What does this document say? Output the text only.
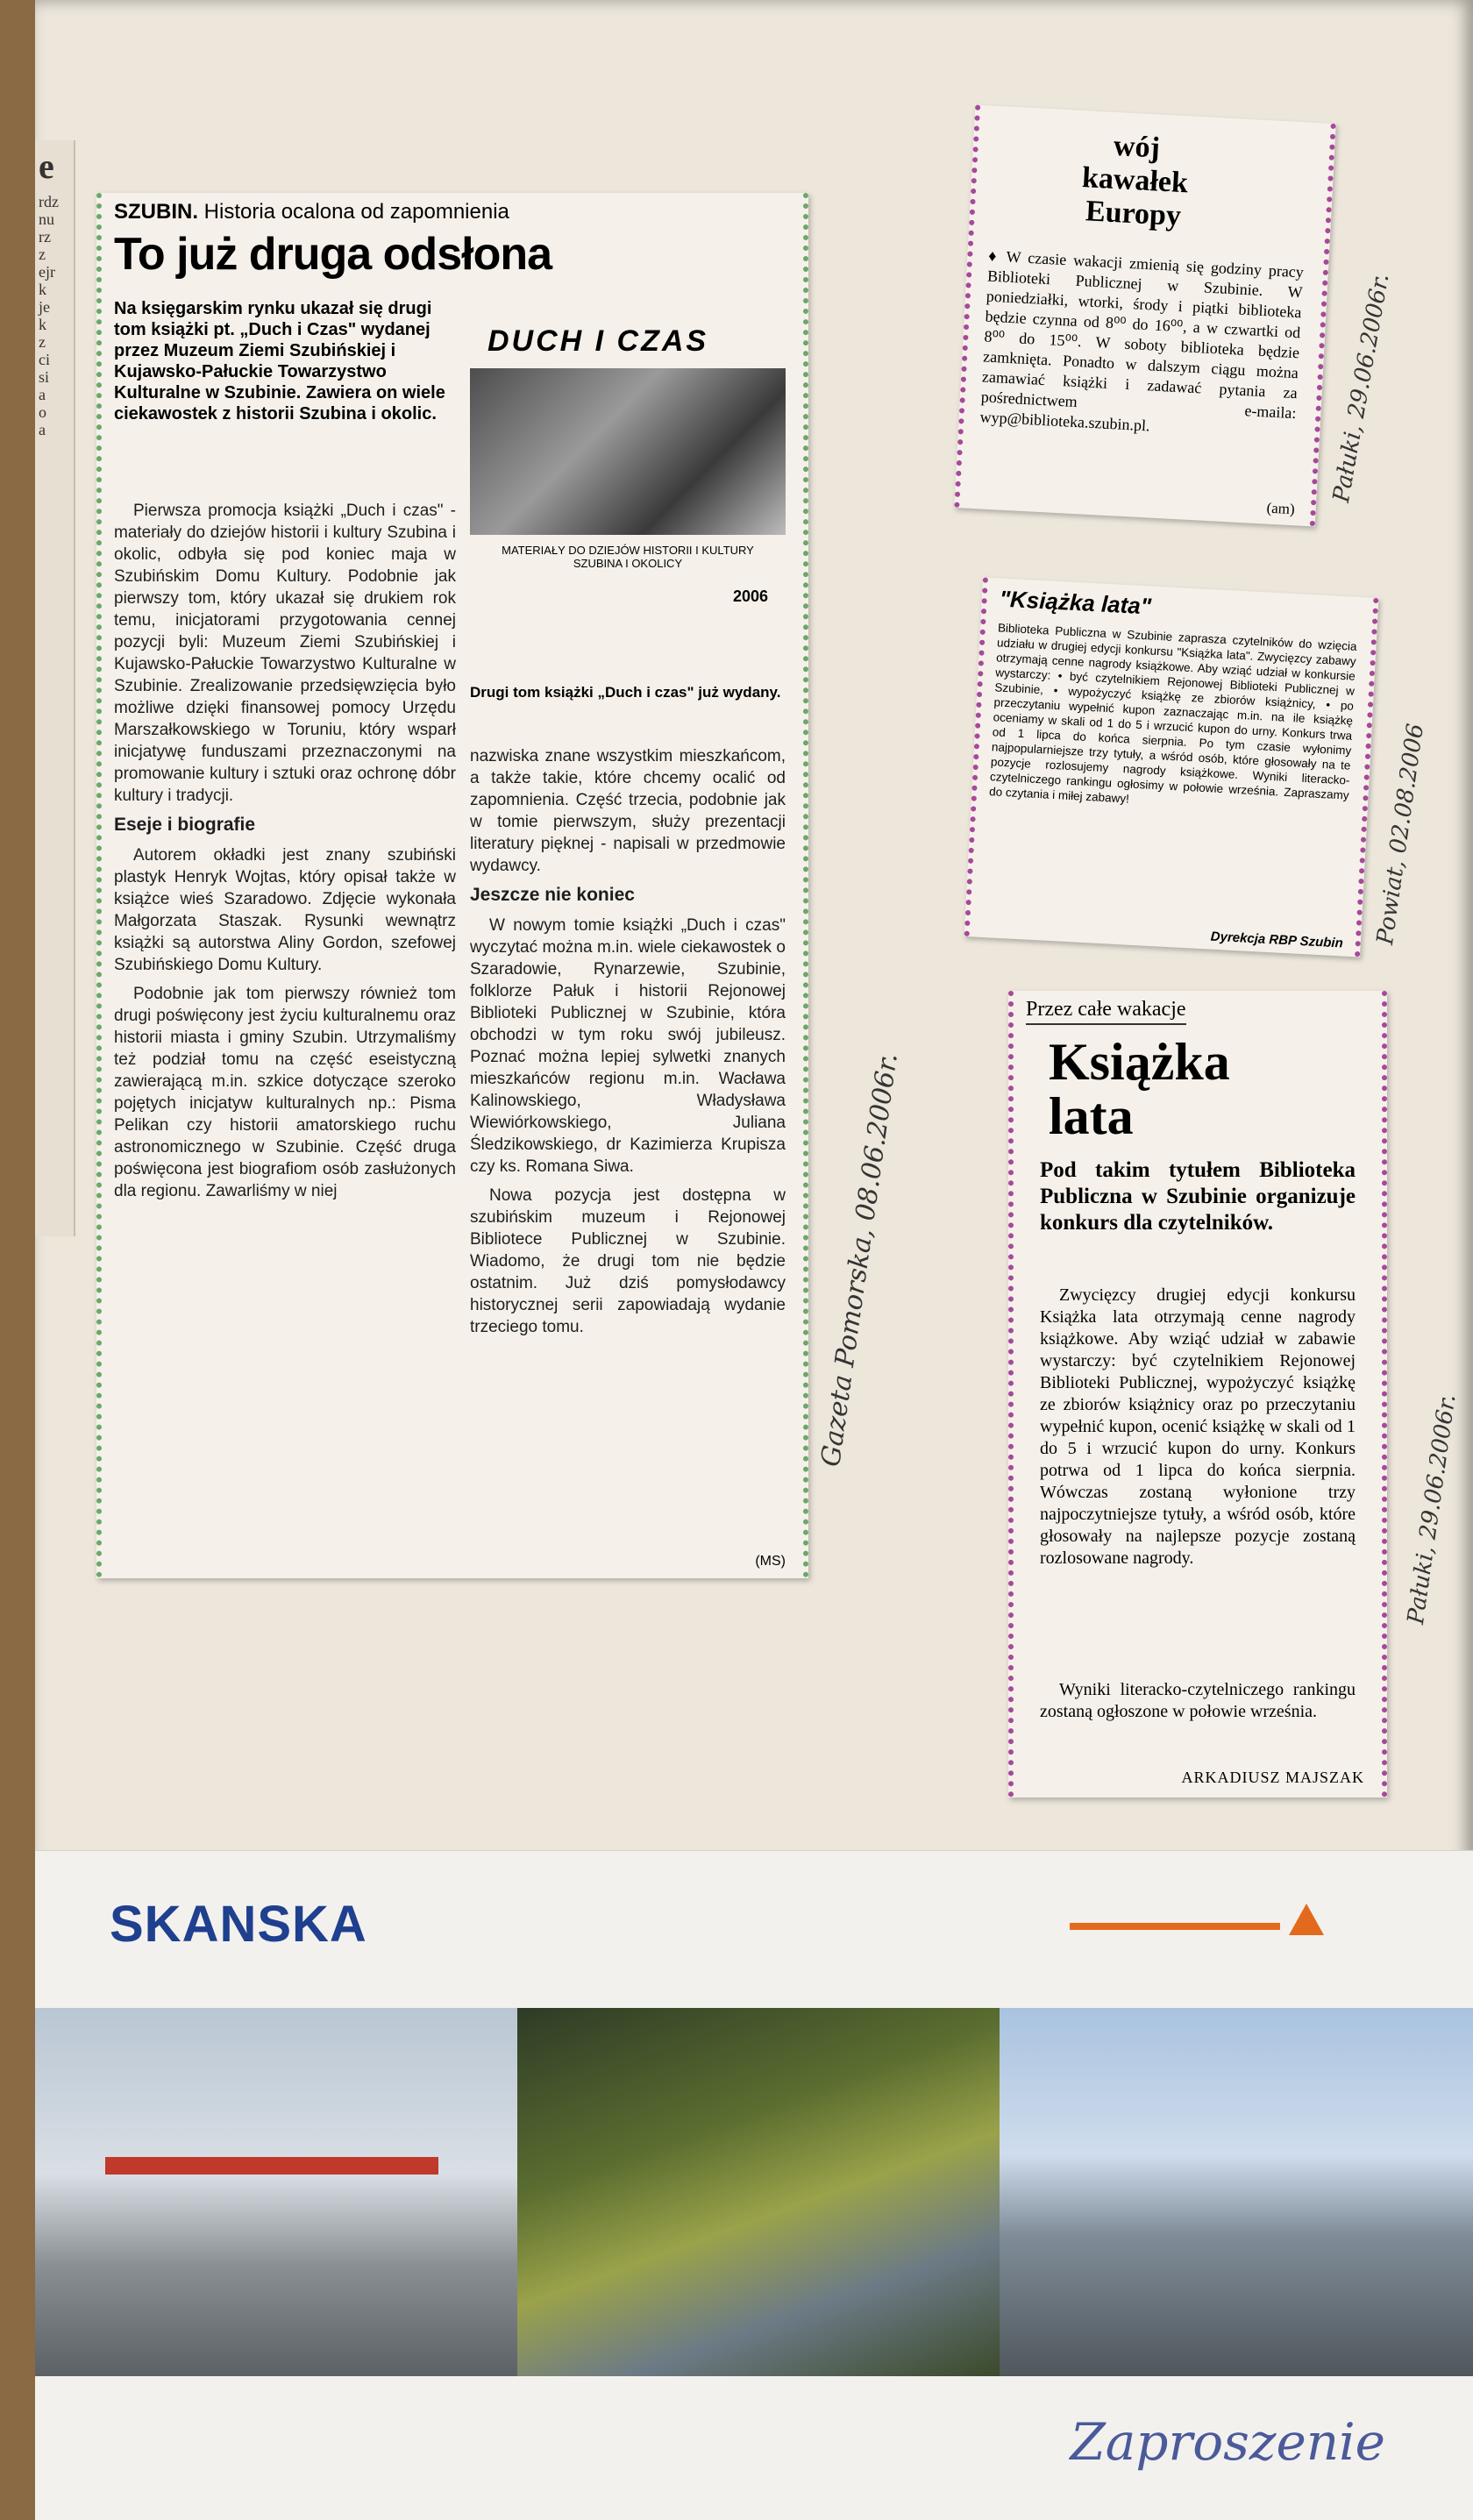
e
rdz
nu
rz
z
ejr
k
je
k
z
ci
si
a
o
a
SZUBIN. Historia ocalona od zapomnienia
To już druga odsłona
Na księgarskim rynku ukazał się drugi tom książki pt. „Duch i Czas" wydanej przez Muzeum Ziemi Szubińskiej i Kujawsko-Pałuckie Towarzystwo Kulturalne w Szubinie. Zawiera on wiele ciekawostek z historii Szubina i okolic.
DUCH I CZAS
MATERIAŁY DO DZIEJÓW HISTORII I KULTURY SZUBINA I OKOLICY
2006
Drugi tom książki „Duch i czas" już wydany.

Pierwsza promocja książki „Duch i czas" - materiały do dziejów historii i kultury Szubina i okolic, odbyła się pod koniec maja w Szubińskim Domu Kultury. Podobnie jak pierwszy tom, który ukazał się drukiem rok temu, inicjatorami przygotowania cennej pozycji byli: Muzeum Ziemi Szubińskiej i Kujawsko-Pałuckie Towarzystwo Kulturalne w Szubinie. Zrealizowanie przedsięwzięcia było możliwe dzięki finansowej pomocy Urzędu Marszałkowskiego w Toruniu, który wsparł inicjatywę funduszami przeznaczonymi na promowanie kultury i sztuki oraz ochronę dóbr kultury i tradycji.

Eseje i biografie

Autorem okładki jest znany szubiński plastyk Henryk Wojtas, który opisał także w książce wieś Szaradowo. Zdjęcie wykonała Małgorzata Staszak. Rysunki wewnątrz książki są autorstwa Aliny Gordon, szefowej Szubińskiego Domu Kultury.

Podobnie jak tom pierwszy również tom drugi poświęcony jest życiu kulturalnemu oraz historii miasta i gminy Szubin. Utrzymaliśmy też podział tomu na część eseistyczną zawierającą m.in. szkice dotyczące szeroko pojętych inicjatyw kulturalnych np.: Pisma Pelikan czy historii amatorskiego ruchu astronomicznego w Szubinie. Część druga poświęcona jest biografiom osób zasłużonych dla regionu. Zawarliśmy w niej

nazwiska znane wszystkim mieszkańcom, a także takie, które chcemy ocalić od zapomnienia. Część trzecia, podobnie jak w tomie pierwszym, służy prezentacji literatury pięknej - napisali w przedmowie wydawcy.

Jeszcze nie koniec

W nowym tomie książki „Duch i czas" wyczytać można m.in. wiele ciekawostek o Szaradowie, Rynarzewie, Szubinie, folklorze Pałuk i historii Rejonowej Biblioteki Publicznej w Szubinie, która obchodzi w tym roku swój jubileusz. Poznać można lepiej sylwetki znanych mieszkańców regionu m.in. Wacława Kalinowskiego, Władysława Wiewiórkowskiego, Juliana Śledzikowskiego, dr Kazimierza Krupisza czy ks. Romana Siwa.

Nowa pozycja jest dostępna w szubińskim muzeum i Rejonowej Bibliotece Publicznej w Szubinie. Wiadomo, że drugi tom nie będzie ostatnim. Już dziś pomysłodawcy historycznej serii zapowiadają wydanie trzeciego tomu.

(MS)
Gazeta Pomorska, 08.06.2006r.
wój
kawałek
Europy
♦ W czasie wakacji zmienią się godziny pracy Biblioteki Publicznej w Szubinie. W poniedziałki, wtorki, środy i piątki biblioteka będzie czynna od 8⁰⁰ do 16⁰⁰, a w czwartki od 8⁰⁰ do 15⁰⁰. W soboty biblioteka będzie zamknięta. Ponadto w dalszym ciągu można zamawiać książki i zadawać pytania za pośrednictwem e-maila: wyp@biblioteka.szubin.pl.
(am)
Pałuki, 29.06.2006r.
"Książka lata"
Biblioteka Publiczna w Szubinie zaprasza czytelników do wzięcia udziału w drugiej edycji konkursu "Książka lata". Zwycięzcy zabawy otrzymają cenne nagrody książkowe. Aby wziąć udział w konkursie wystarczy: • być czytelnikiem Rejonowej Biblioteki Publicznej w Szubinie, • wypożyczyć książkę ze zbiorów książnicy, • po przeczytaniu wypełnić kupon zaznaczając m.in. na ile książkę oceniamy w skali od 1 do 5 i wrzucić kupon do urny. Konkurs trwa od 1 lipca do końca sierpnia. Po tym czasie wyłonimy najpopularniejsze trzy tytuły, a wśród osób, które głosowały na te pozycje rozlosujemy nagrody książkowe. Wyniki literacko-czytelniczego rankingu ogłosimy w połowie września. Zapraszamy do czytania i miłej zabawy!
Dyrekcja RBP Szubin Powiat, 02.08.2006
Przez całe wakacje
Książka
lata
Pod takim tytułem Biblioteka Publiczna w Szubinie organizuje konkurs dla czytelników.
Zwycięzcy drugiej edycji konkursu Książka lata otrzymają cenne nagrody książkowe. Aby wziąć udział w zabawie wystarczy: być czytelnikiem Rejonowej Biblioteki Publicznej, wypożyczyć książkę ze zbiorów książnicy oraz po przeczytaniu wypełnić kupon, ocenić książkę w skali od 1 do 5 i wrzucić kupon do urny. Konkurs potrwa od 1 lipca do końca sierpnia. Wówczas zostaną wyłonione trzy najpoczytniejsze tytuły, a wśród osób, które głosowały na najlepsze pozycje zostaną rozlosowane nagrody.
Wyniki literacko-czytelniczego rankingu zostaną ogłoszone w połowie września.
ARKADIUSZ MAJSZAK
Pałuki, 29.06.2006r.
SKANSKA
Zaproszenie
